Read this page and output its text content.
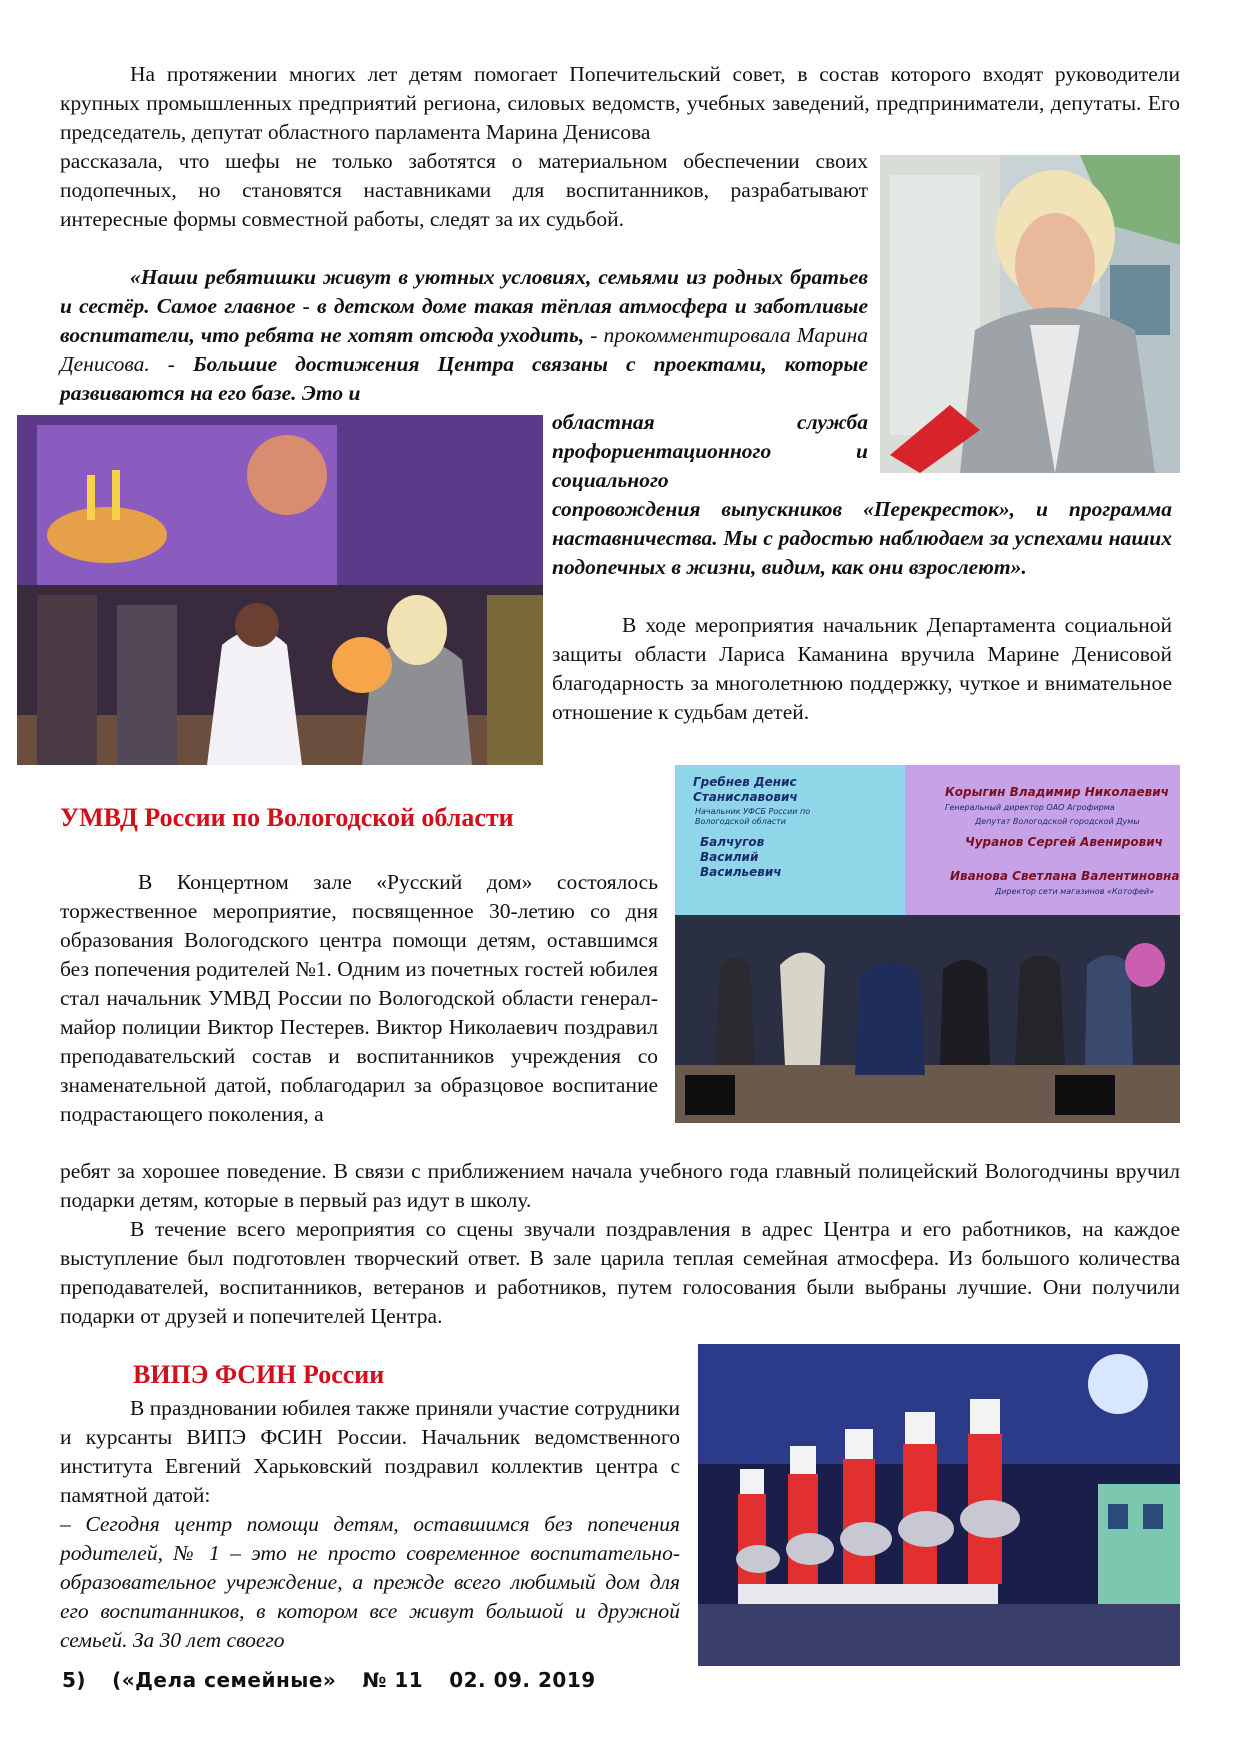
На протяжении многих лет детям помогает Попечительский совет, в состав которого входят руководители крупных промышленных предприятий региона, силовых ведомств, учебных заведений, предприниматели, депутаты. Его председатель, депутат областного парламента Марина Денисова

рассказала, что шефы не только заботятся о материальном обеспечении своих подопечных, но становятся наставниками для воспитанников, разрабатывают интересные формы совместной работы, следят за их судьбой.

«Наши ребятишки живут в уютных условиях, семьями из родных братьев и сестёр. Самое главное - в детском доме такая тёплая атмосфера и заботливые воспитатели, что ребята не хотят отсюда уходить, - прокомментировала Марина Денисова. - Большие достижения Центра связаны с проектами, которые развиваются на его базе. Это и

областная служба профориентационного и социального

сопровождения выпускников «Перекресток», и программа наставничества. Мы с радостью наблюдаем за успехами наших подопечных в жизни, видим, как они взрослеют».

В ходе мероприятия начальник Департамента социальной защиты области Лариса Каманина вручила Марине Денисовой благодарность за многолетнюю поддержку, чуткое и внимательное отношение к судьбам детей.

УМВД России по Вологодской области

В Концертном зале «Русский дом» состоялось торжественное мероприятие, посвященное 30-летию со дня образования Вологодского центра помощи детям, оставшимся без попечения родителей №1. Одним из почетных гостей юбилея стал начальник УМВД России по Вологодской области генерал-майор полиции Виктор Пестерев. Виктор Николаевич поздравил преподавательский состав и воспитанников учреждения со знаменательной датой, поблагодарил за образцовое воспитание подрастающего поколения, а

ребят за хорошее поведение. В связи с приближением начала учебного года главный полицейский Вологодчины вручил подарки детям, которые в первый раз идут в школу.

В течение всего мероприятия со сцены звучали поздравления в адрес Центра и его работников, на каждое выступление был подготовлен творческий ответ. В зале царила теплая семейная атмосфера. Из большого количества преподавателей, воспитанников, ветеранов и работников, путем голосования были выбраны лучшие. Они получили подарки от друзей и попечителей Центра.

Гребнев Денис Станиславович
Начальник УФСБ России по Вологодской области
Балчугов Василий Васильевич
Корыгин Владимир Николаевич
Генеральный директор ОАО Агрофирма
Депутат Вологодской городской Думы
Чуранов Сергей Авенирович
Иванова Светлана Валентиновна
Директор сети магазинов «Котофей»
ВИПЭ ФСИН России

В праздновании юбилея также приняли участие сотрудники и курсанты ВИПЭ ФСИН России. Начальник ведомственного института Евгений Харьковский поздравил коллектив центра с памятной датой:

– Сегодня центр помощи детям, оставшимся без попечения родителей, № 1 – это не просто современное воспитательно-образовательное учреждение, а прежде всего любимый дом для его воспитанников, в котором все живут большой и дружной семьей. За 30 лет своего

5) («Дела семейные» № 11 02. 09. 2019
